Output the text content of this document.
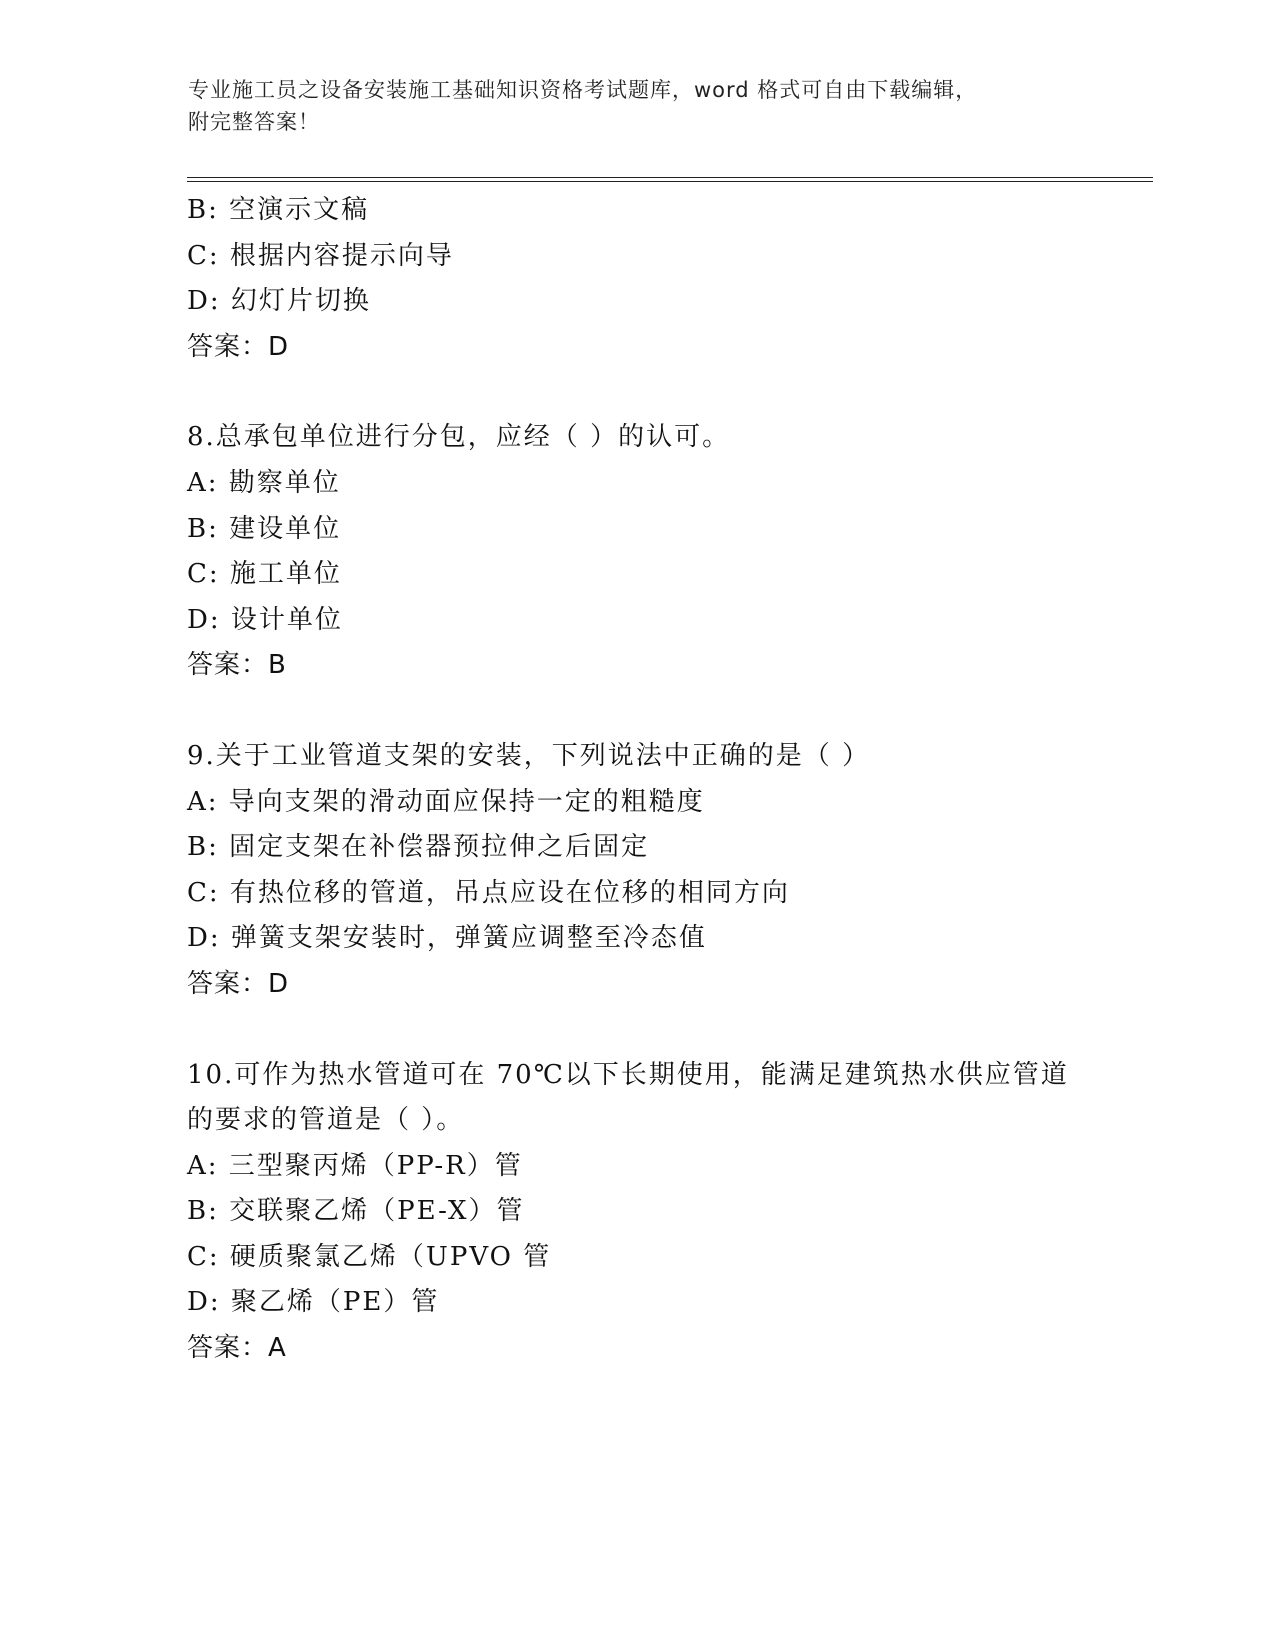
专业施工员之设备安装施工基础知识资格考试题库，word 格式可自由下载编辑，
附完整答案！
B: 空演示文稿
C: 根据内容提示向导
D: 幻灯片切换
答案：D
8.总承包单位进行分包，应经（ ）的认可。
A: 勘察单位
B: 建设单位
C: 施工单位
D: 设计单位
答案：B
9.关于工业管道支架的安装，下列说法中正确的是（ ）
A: 导向支架的滑动面应保持一定的粗糙度
B: 固定支架在补偿器预拉伸之后固定
C: 有热位移的管道，吊点应设在位移的相同方向
D: 弹簧支架安装时，弹簧应调整至冷态值
答案：D
10.可作为热水管道可在 70℃以下长期使用，能满足建筑热水供应管道
的要求的管道是（ ）。
A: 三型聚丙烯（PP-R）管
B: 交联聚乙烯（PE-X）管
C: 硬质聚氯乙烯（UPVO 管
D: 聚乙烯（PE）管
答案：A
